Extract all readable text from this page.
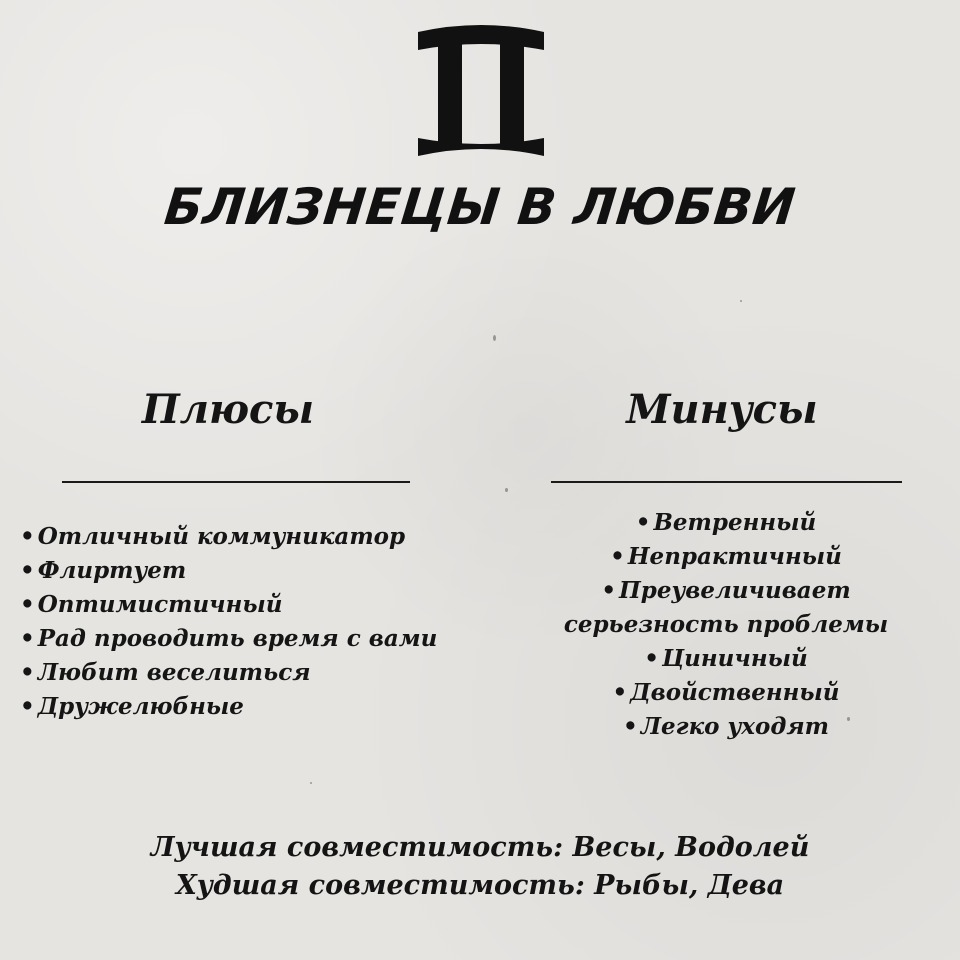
БЛИЗНЕЦЫ В ЛЮБВИ
Плюсы	Минусы
• Отличный коммуникатор
• Флиртует
• Оптимистичный
• Рад проводить время с вами
• Любит веселиться
• Дружелюбные
• Ветренный
• Непрактичный
• Преувеличивает
серьезность проблемы
• Циничный
• Двойственный
• Легко уходят
Лучшая совместимость: Весы, Водолей
Худшая совместимость: Рыбы, Дева
